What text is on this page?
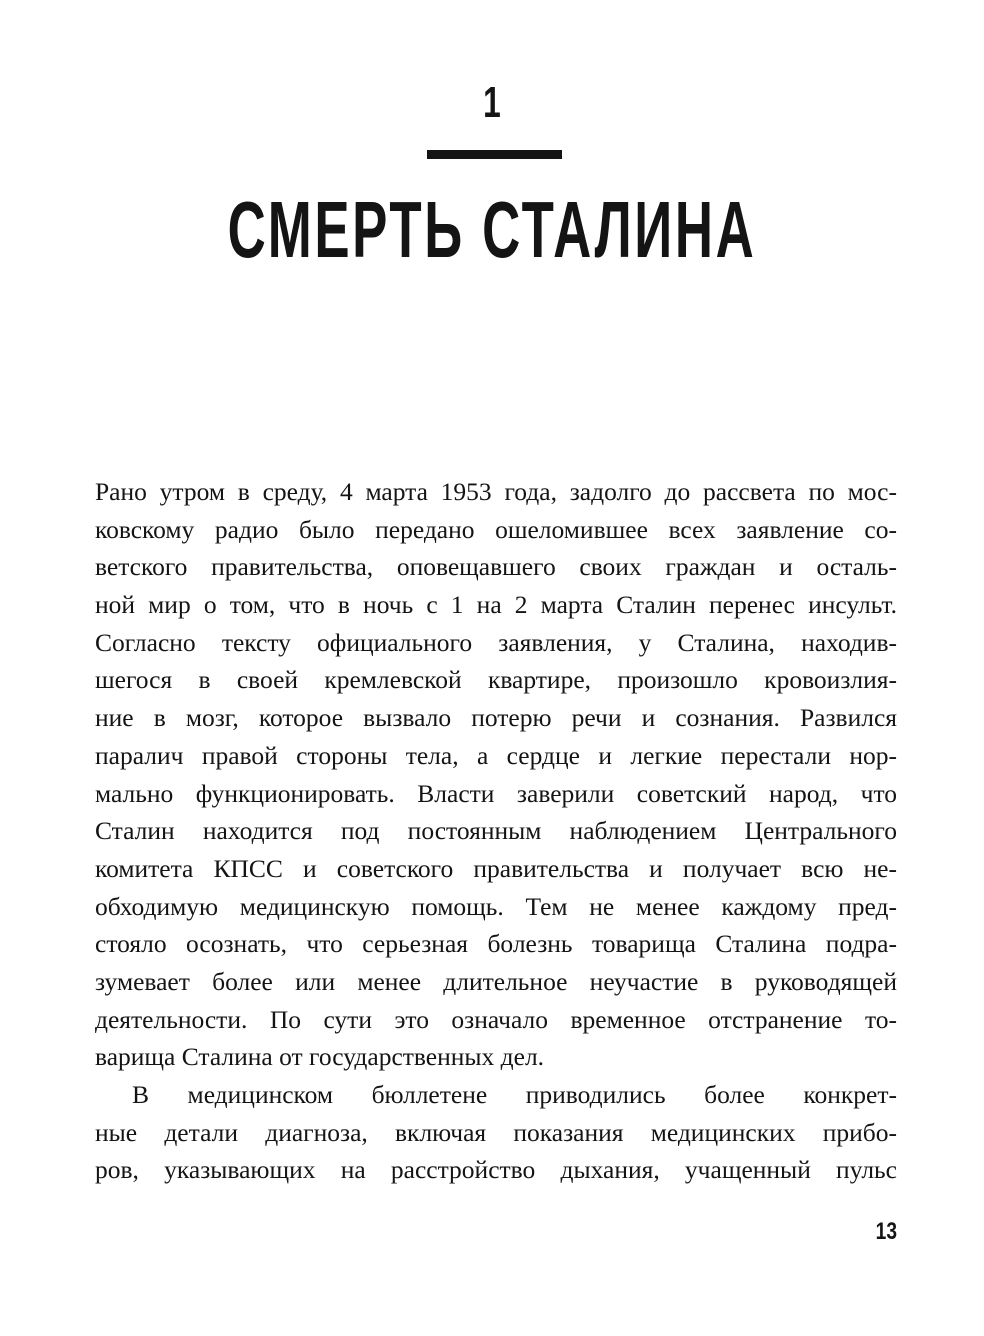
1
СМЕРТЬ СТАЛИНА
Рано утром в среду, 4 марта 1953 года, задолго до рассвета по мос-
ковскому радио было передано ошеломившее всех заявление со-
ветского правительства, оповещавшего своих граждан и осталь-
ной мир о том, что в ночь с 1 на 2 марта Сталин перенес инсульт.
Согласно тексту официального заявления, у Сталина, находив-
шегося в своей кремлевской квартире, произошло кровоизлия-
ние в мозг, которое вызвало потерю речи и сознания. Развился
паралич правой стороны тела, а сердце и легкие перестали нор-
мально функционировать. Власти заверили советский народ, что
Сталин находится под постоянным наблюдением Центрального
комитета КПСС и советского правительства и получает всю не-
обходимую медицинскую помощь. Тем не менее каждому пред-
стояло осознать, что серьезная болезнь товарища Сталина подра-
зумевает более или менее длительное неучастие в руководящей
деятельности. По сути это означало временное отстранение то-
варища Сталина от государственных дел.
В медицинском бюллетене приводились более конкрет-
ные детали диагноза, включая показания медицинских прибо-
ров, указывающих на расстройство дыхания, учащенный пульс
13
